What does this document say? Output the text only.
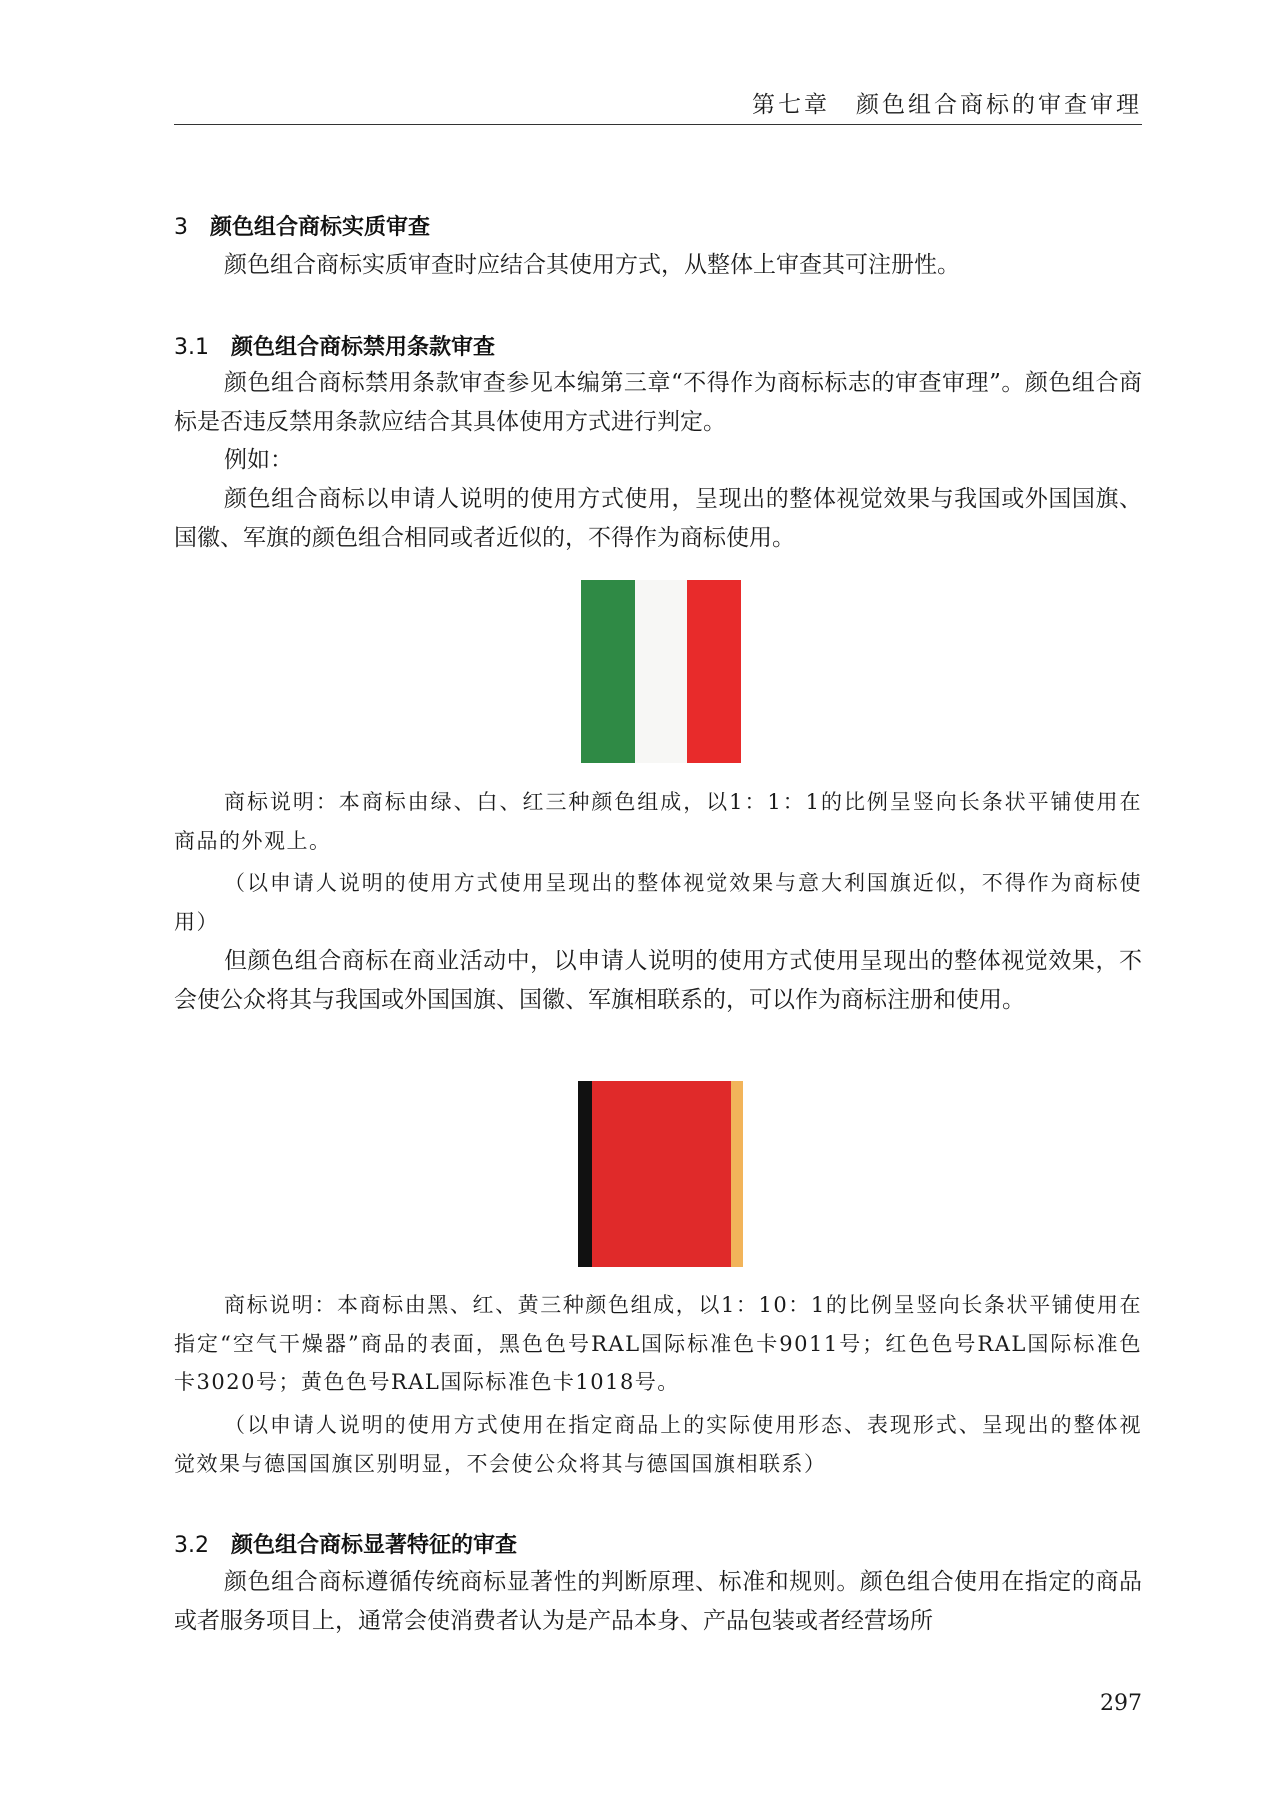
第七章　颜色组合商标的审查审理
3 颜色组合商标实质审查
颜色组合商标实质审查时应结合其使用方式，从整体上审查其可注册性。
3.1 颜色组合商标禁用条款审查
颜色组合商标禁用条款审查参见本编第三章“不得作为商标标志的审查审理”。颜色组合商标是否违反禁用条款应结合其具体使用方式进行判定。
例如：
颜色组合商标以申请人说明的使用方式使用，呈现出的整体视觉效果与我国或外国国旗、国徽、军旗的颜色组合相同或者近似的，不得作为商标使用。
商标说明：本商标由绿、白、红三种颜色组成，以1：1：1的比例呈竖向长条状平铺使用在商品的外观上。
（以申请人说明的使用方式使用呈现出的整体视觉效果与意大利国旗近似，不得作为商标使用）
但颜色组合商标在商业活动中，以申请人说明的使用方式使用呈现出的整体视觉效果，不会使公众将其与我国或外国国旗、国徽、军旗相联系的，可以作为商标注册和使用。
商标说明：本商标由黑、红、黄三种颜色组成，以1：10：1的比例呈竖向长条状平铺使用在指定“空气干燥器”商品的表面，黑色色号RAL国际标准色卡9011号；红色色号RAL国际标准色卡3020号；黄色色号RAL国际标准色卡1018号。
（以申请人说明的使用方式使用在指定商品上的实际使用形态、表现形式、呈现出的整体视觉效果与德国国旗区别明显，不会使公众将其与德国国旗相联系）
3.2 颜色组合商标显著特征的审查
颜色组合商标遵循传统商标显著性的判断原理、标准和规则。颜色组合使用在指定的商品或者服务项目上，通常会使消费者认为是产品本身、产品包装或者经营场所
297
